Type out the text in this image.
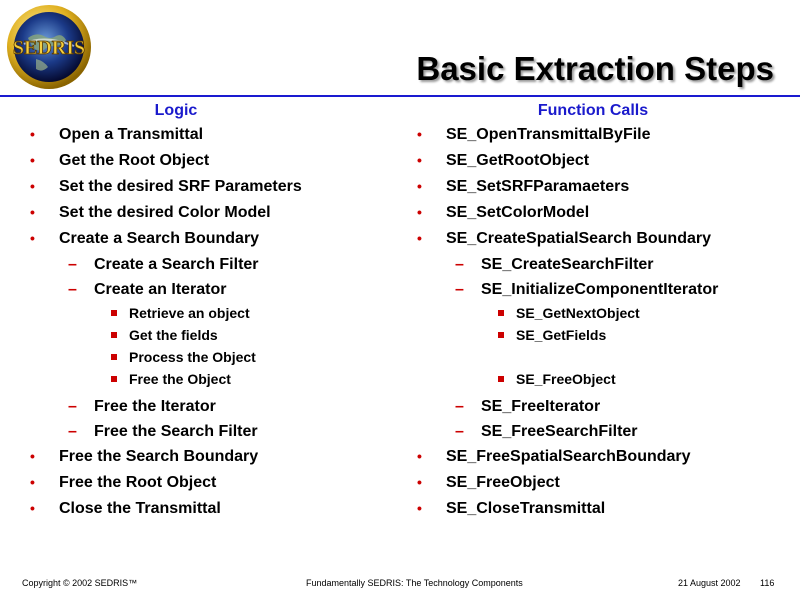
SEDRIS
Basic Extraction Steps
Logic
• Open a Transmittal
• Get the Root Object
• Set the desired SRF Parameters
• Set the desired Color Model
• Create a Search Boundary
– Create a Search Filter
– Create an Iterator
Retrieve an object
Get the fields
Process the Object
Free the Object
– Free the Iterator
– Free the Search Filter
• Free the Search Boundary
• Free the Root Object
• Close the Transmittal
Function Calls
• SE_OpenTransmittalByFile
• SE_GetRootObject
• SE_SetSRFParamaeters
• SE_SetColorModel
• SE_CreateSpatialSearch Boundary
– SE_CreateSearchFilter
– SE_InitializeComponentIterator
SE_GetNextObject
SE_GetFields
SE_FreeObject
– SE_FreeIterator
– SE_FreeSearchFilter
• SE_FreeSpatialSearchBoundary
• SE_FreeObject
• SE_CloseTransmittal
Copyright © 2002 SEDRIS™	Fundamentally SEDRIS: The Technology Components	21 August 2002 116
